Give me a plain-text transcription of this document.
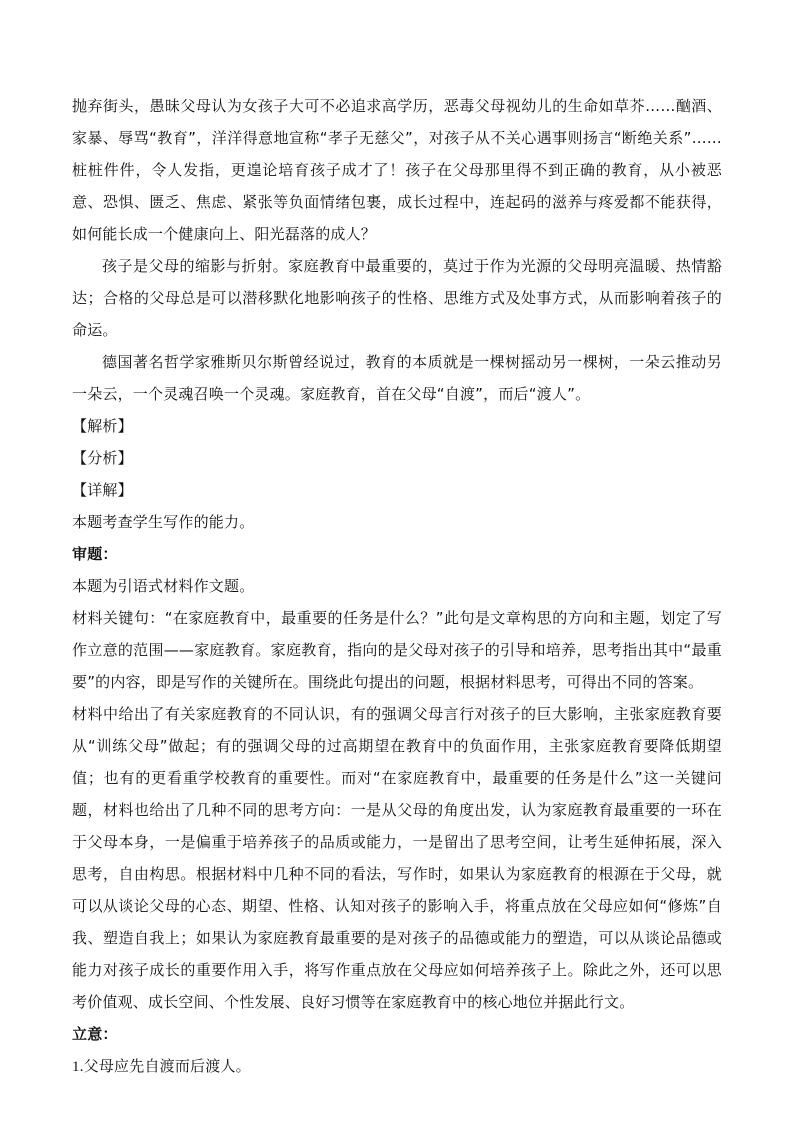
抛弃街头，愚昧父母认为女孩子大可不必追求高学历，恶毒父母视幼儿的生命如草芥……酗酒、家暴、辱骂“教育”，洋洋得意地宣称“孝子无慈父”，对孩子从不关心遇事则扬言“断绝关系”……桩桩件件，令人发指，更遑论培育孩子成才了！孩子在父母那里得不到正确的教育，从小被恶意、恐惧、匮乏、焦虑、紧张等负面情绪包裹，成长过程中，连起码的滋养与疼爱都不能获得，如何能长成一个健康向上、阳光磊落的成人？

孩子是父母的缩影与折射。家庭教育中最重要的，莫过于作为光源的父母明亮温暖、热情豁达；合格的父母总是可以潜移默化地影响孩子的性格、思维方式及处事方式，从而影响着孩子的命运。

德国著名哲学家雅斯贝尔斯曾经说过，教育的本质就是一棵树摇动另一棵树，一朵云推动另一朵云，一个灵魂召唤一个灵魂。家庭教育，首在父母“自渡”，而后“渡人”。

【解析】

【分析】

【详解】

本题考查学生写作的能力。

审题：

本题为引语式材料作文题。

材料关键句：“在家庭教育中，最重要的任务是什么？”此句是文章构思的方向和主题，划定了写作立意的范围——家庭教育。家庭教育，指向的是父母对孩子的引导和培养，思考指出其中“最重要”的内容，即是写作的关键所在。围绕此句提出的问题，根据材料思考，可得出不同的答案。

材料中给出了有关家庭教育的不同认识，有的强调父母言行对孩子的巨大影响，主张家庭教育要从“训练父母”做起；有的强调父母的过高期望在教育中的负面作用，主张家庭教育要降低期望值；也有的更看重学校教育的重要性。而对“在家庭教育中，最重要的任务是什么”这一关键问题，材料也给出了几种不同的思考方向：一是从父母的角度出发，认为家庭教育最重要的一环在于父母本身，一是偏重于培养孩子的品质或能力，一是留出了思考空间，让考生延伸拓展，深入思考，自由构思。根据材料中几种不同的看法，写作时，如果认为家庭教育的根源在于父母，就可以从谈论父母的心态、期望、性格、认知对孩子的影响入手，将重点放在父母应如何“修炼”自我、塑造自我上；如果认为家庭教育最重要的是对孩子的品德或能力的塑造，可以从谈论品德或能力对孩子成长的重要作用入手，将写作重点放在父母应如何培养孩子上。除此之外，还可以思考价值观、成长空间、个性发展、良好习惯等在家庭教育中的核心地位并据此行文。

立意：

1.父母应先自渡而后渡人。
